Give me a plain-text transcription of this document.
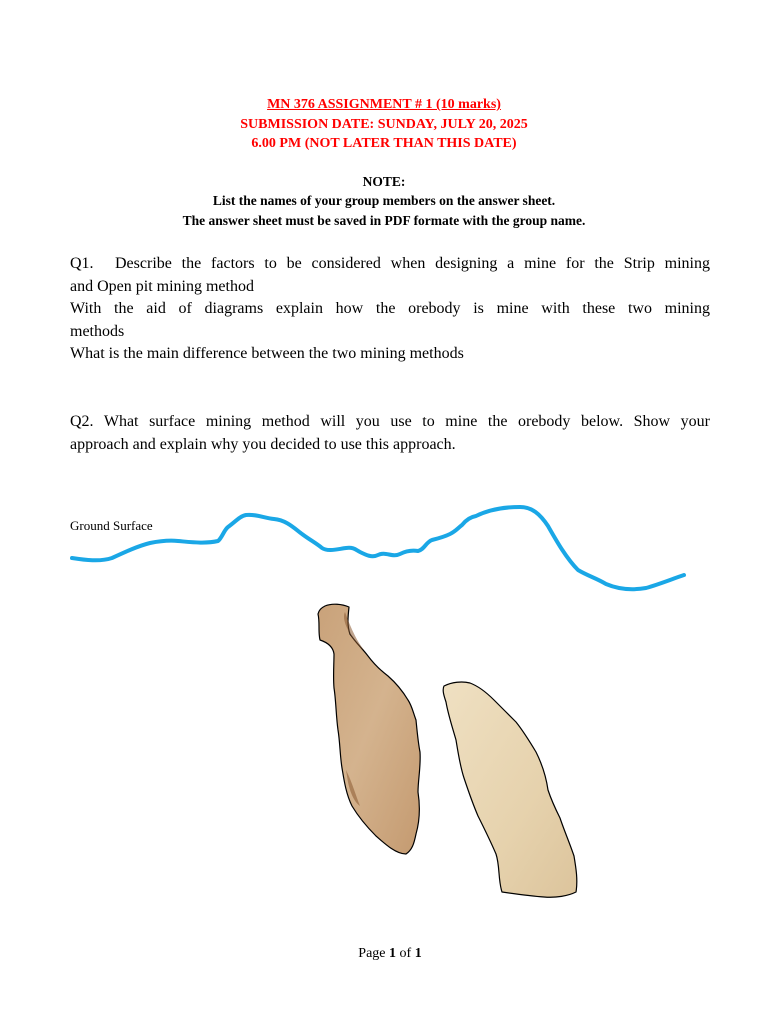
MN 376 ASSIGNMENT # 1 (10 marks)
SUBMISSION DATE: SUNDAY, JULY 20, 2025
6.00 PM (NOT LATER THAN THIS DATE)
NOTE:
List the names of your group members on the answer sheet.
The answer sheet must be saved in PDF formate with the group name.
Q1. Describe the factors to be considered when designing a mine for the Strip mining
and Open pit mining method
With the aid of diagrams explain how the orebody is mine with these two mining
methods
What is the main difference between the two mining methods
Q2. What surface mining method will you use to mine the orebody below. Show your
approach and explain why you decided to use this approach.
Ground Surface
Page 1 of 1
